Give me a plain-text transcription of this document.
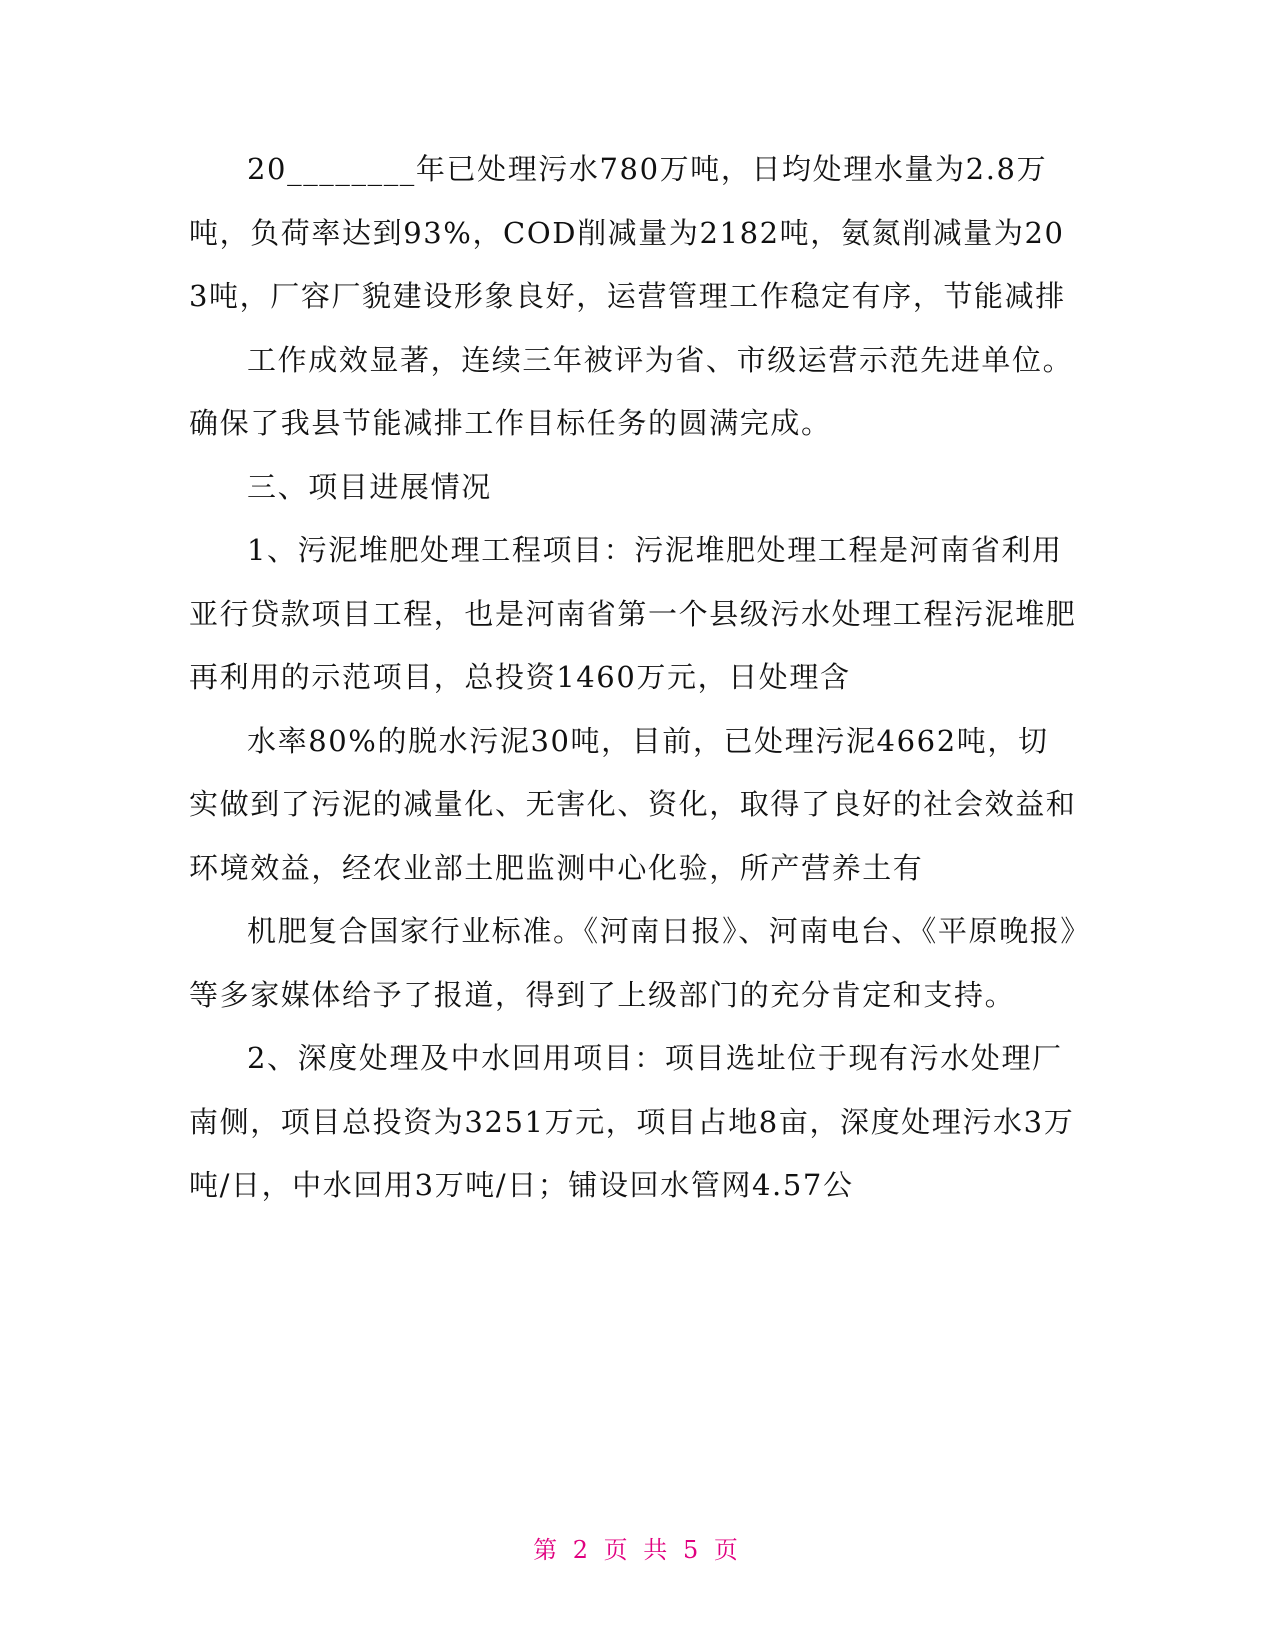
20________年已处理污水780万吨，日均处理水量为2.8万吨，负荷率达到93%，COD削减量为2182吨，氨氮削减量为203吨，厂容厂貌建设形象良好，运营管理工作稳定有序，节能减排

工作成效显著，连续三年被评为省、市级运营示范先进单位。确保了我县节能减排工作目标任务的圆满完成。

三、项目进展情况

1、污泥堆肥处理工程项目：污泥堆肥处理工程是河南省利用亚行贷款项目工程，也是河南省第一个县级污水处理工程污泥堆肥再利用的示范项目，总投资1460万元，日处理含

水率80%的脱水污泥30吨，目前，已处理污泥4662吨，切实做到了污泥的减量化、无害化、资化，取得了良好的社会效益和环境效益，经农业部土肥监测中心化验，所产营养土有

机肥复合国家行业标准。《河南日报》、河南电台、《平原晚报》等多家媒体给予了报道，得到了上级部门的充分肯定和支持。

2、深度处理及中水回用项目：项目选址位于现有污水处理厂南侧，项目总投资为3251万元，项目占地8亩，深度处理污水3万吨/日，中水回用3万吨/日；铺设回水管网4.57公

第 2 页 共 5 页
